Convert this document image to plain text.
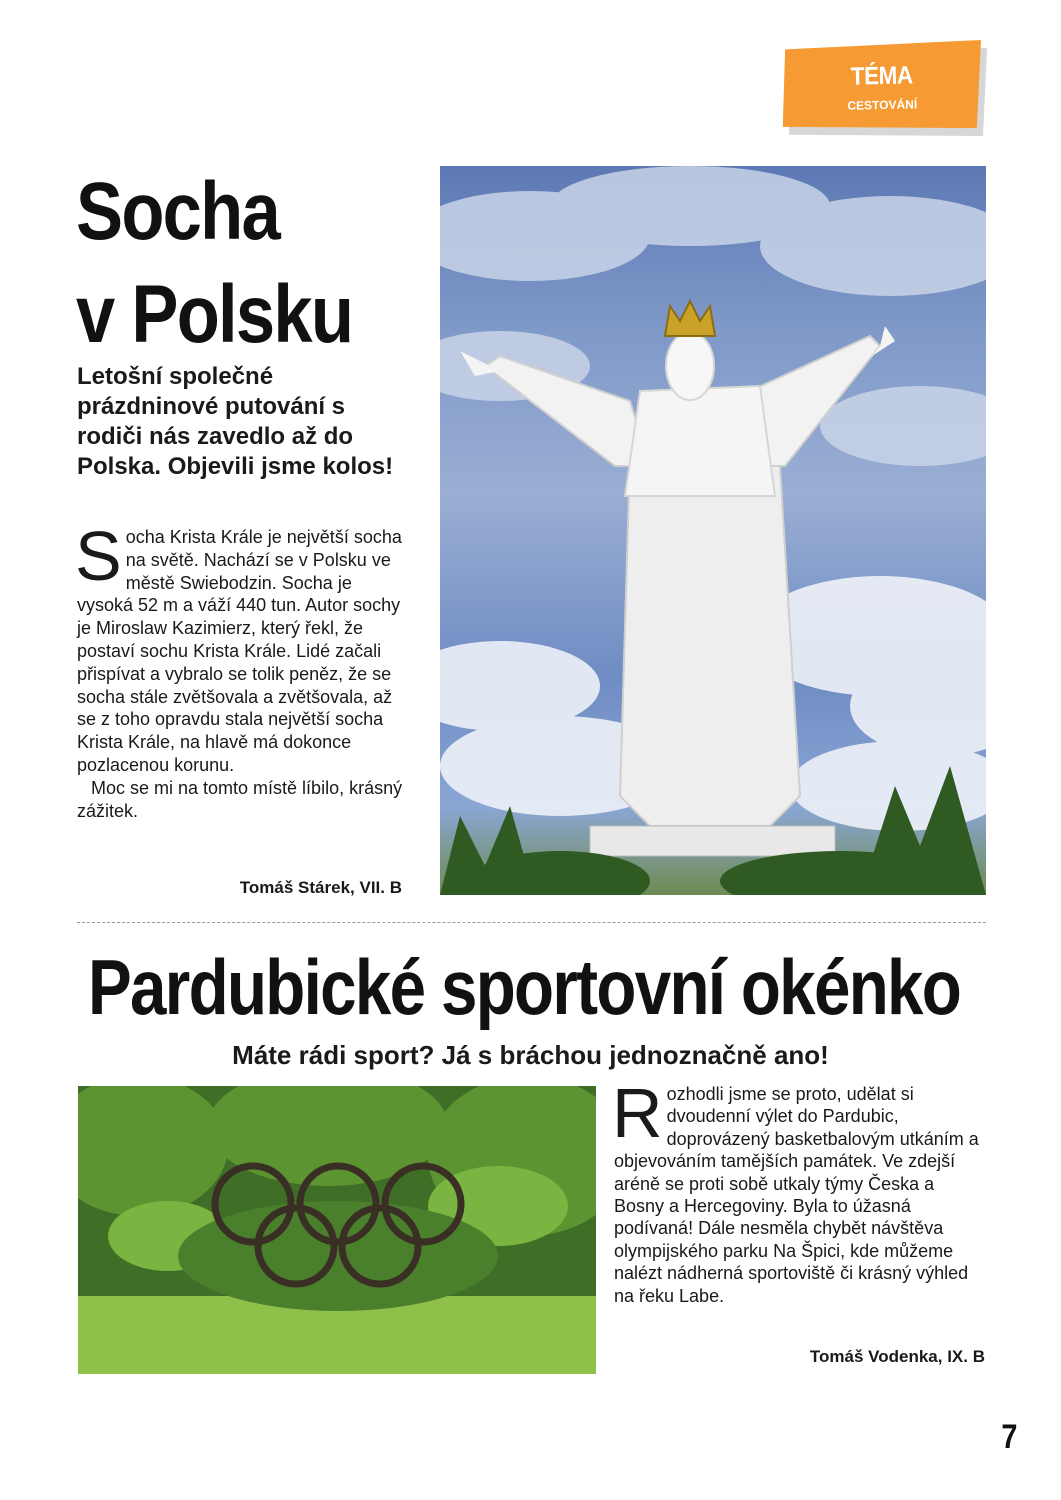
TÉMA
CESTOVÁNÍ
Socha
v Polsku
Letošní společné prázdninové putování s rodiči nás zavedlo až do Polska. Objevili jsme kolos!
S ocha Krista Krále je největší socha na světě. Nachází se v Polsku ve městě Swiebodzin. Socha je vysoká 52 m a váží 440 tun. Autor sochy je Miroslaw Kazimierz, který řekl, že postaví sochu Krista Krále. Lidé začali přispívat a vybralo se tolik peněz, že se socha stále zvětšovala a zvětšovala, až se z toho opravdu stala největší socha Krista Krále, na hlavě má dokonce pozlacenou korunu.

Moc se mi na tomto místě líbilo, krásný zážitek.

Tomáš Stárek, VII. B
Pardubické sportovní okénko
Máte rádi sport? Já s bráchou jednoznačně ano!
R ozhodli jsme se proto, udělat si dvoudenní výlet do Pardubic, doprovázený basketbalovým utkáním a objevováním tamějších památek. Ve zdejší aréně se proti sobě utkaly týmy Česka a Bosny a Hercegoviny. Byla to úžasná podívaná! Dále nesměla chybět návštěva olympijského parku Na Špici, kde můžeme nalézt nádherná sportoviště či krásný výhled na řeku Labe.

Tomáš Vodenka, IX. B
7
